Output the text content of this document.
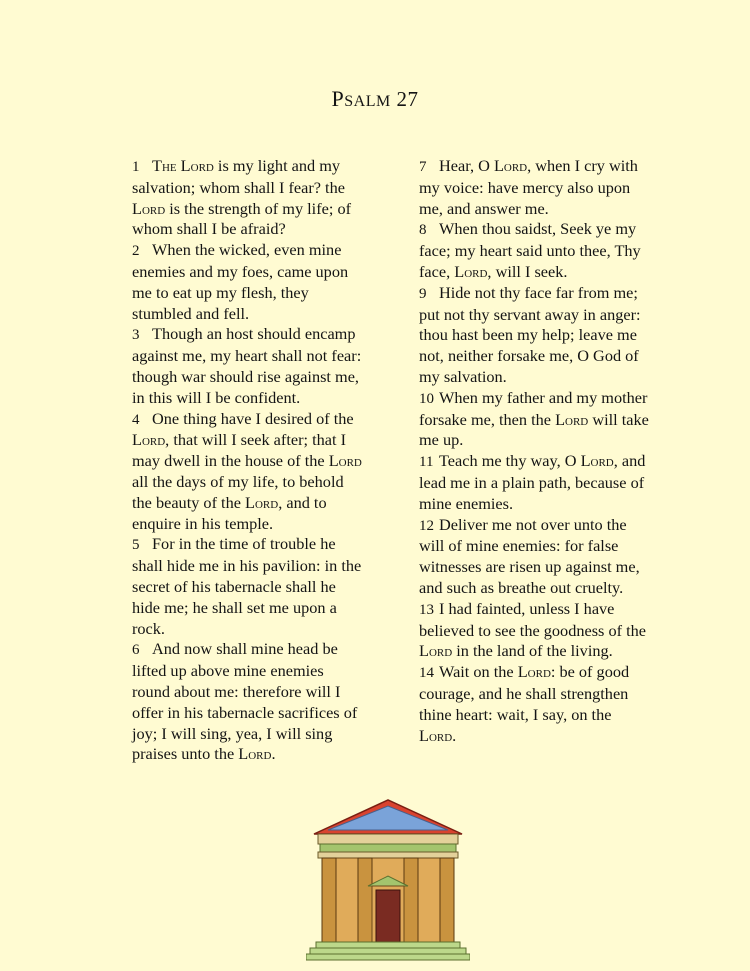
PSALM 27

1 The Lord is my light and my salvation; whom shall I fear? the Lord is the strength of my life; of whom shall I be afraid?

2 When the wicked, even mine enemies and my foes, came upon me to eat up my flesh, they stumbled and fell.

3 Though an host should encamp against me, my heart shall not fear: though war should rise against me, in this will I be confident.

4 One thing have I desired of the Lord, that will I seek after; that I may dwell in the house of the Lord all the days of my life, to behold the beauty of the Lord, and to enquire in his temple.

5 For in the time of trouble he shall hide me in his pavilion: in the secret of his tabernacle shall he hide me; he shall set me upon a rock.

6 And now shall mine head be lifted up above mine enemies round about me: therefore will I offer in his tabernacle sacrifices of joy; I will sing, yea, I will sing praises unto the Lord.

7 Hear, O Lord, when I cry with my voice: have mercy also upon me, and answer me.

8 When thou saidst, Seek ye my face; my heart said unto thee, Thy face, Lord, will I seek.

9 Hide not thy face far from me; put not thy servant away in anger: thou hast been my help; leave me not, neither forsake me, O God of my salvation.

10 When my father and my mother forsake me, then the Lord will take me up.

11 Teach me thy way, O Lord, and lead me in a plain path, because of mine enemies.

12 Deliver me not over unto the will of mine enemies: for false witnesses are risen up against me, and such as breathe out cruelty.

13 I had fainted, unless I have believed to see the goodness of the Lord in the land of the living.

14 Wait on the Lord: be of good courage, and he shall strengthen thine heart: wait, I say, on the Lord.
